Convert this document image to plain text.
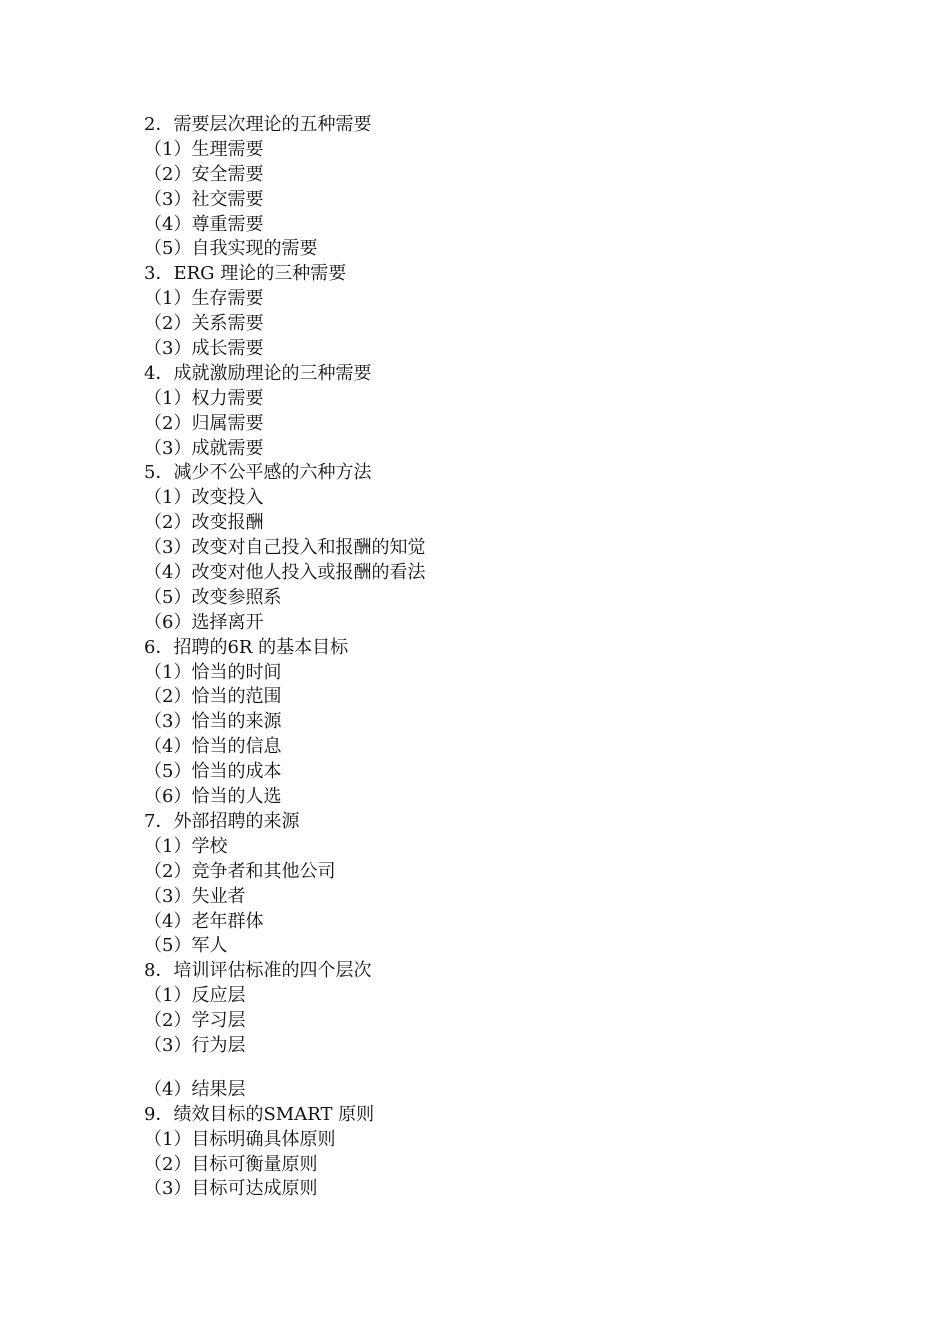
2．需要层次理论的五种需要
（1）生理需要
（2）安全需要
（3）社交需要
（4）尊重需要
（5）自我实现的需要
3．ERG 理论的三种需要
（1）生存需要
（2）关系需要
（3）成长需要
4．成就激励理论的三种需要
（1）权力需要
（2）归属需要
（3）成就需要
5．减少不公平感的六种方法
（1）改变投入
（2）改变报酬
（3）改变对自己投入和报酬的知觉
（4）改变对他人投入或报酬的看法
（5）改变参照系
（6）选择离开
6．招聘的6R 的基本目标
（1）恰当的时间
（2）恰当的范围
（3）恰当的来源
（4）恰当的信息
（5）恰当的成本
（6）恰当的人选
7．外部招聘的来源
（1）学校
（2）竞争者和其他公司
（3）失业者
（4）老年群体
（5）军人
8．培训评估标准的四个层次
（1）反应层
（2）学习层
（3）行为层
（4）结果层
9．绩效目标的SMART 原则
（1）目标明确具体原则
（2）目标可衡量原则
（3）目标可达成原则
